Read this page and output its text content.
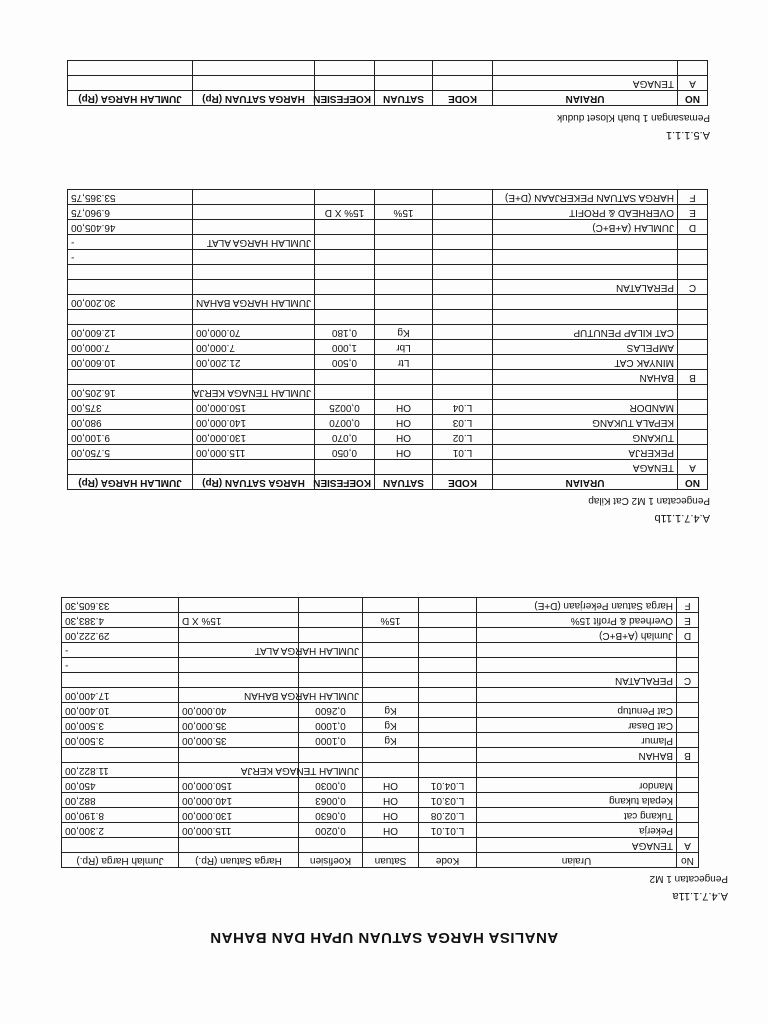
ANALISA HARGA SATUAN UPAH DAN BAHAN
A.4.7.1.11a
Pengecatan 1 M2
No	Uraian	Kode	Satuan	Koefisien	Harga Satuan (Rp.)	Jumlah Harga (Rp.)
A	TENAGA					
	Pekerja	L.01.01	OH	0,0200	115.000,00	2.300,00
	Tukang cat	L.02.08	OH	0,0630	130.000,00	8.190,00
	Kepala tukang	L.03.01	OH	0,0063	140.000,00	882,00
	Mandor	L.04.01	OH	0,0030	150.000,00	450,00
				JUMLAH TENAGA KERJA		11.822,00
B	BAHAN					
	Plamur		Kg	0,1000	35.000,00	3.500,00
	Cat Dasar		Kg	0,1000	35.000,00	3.500,00
	Cat Penutup		Kg	0,2600	40.000,00	10.400,00
				JUMLAH HARGA BAHAN		17.400,00
C	PERALATAN					
						-
				JUMLAH HARGA ALAT		-
D	Jumlah (A+B+C)					29.222,00
E	Overhead & Profit 15%		15%		15% X D	4.383,30
F	Harga Satuan Pekerjaan (D+E)					33.605,30
A.4.7.1.11b
Pengecatan 1 M2 Cat Kilap
NO	URAIAN	KODE	SATUAN	KOEFESIEN	HARGA SATUAN (Rp)	JUMLAH HARGA (Rp)
A	TENAGA					
	PEKERJA	L.01	OH	0,050	115.000,00	5.750,00
	TUKANG	L.02	OH	0,070	130.000,00	9.100,00
	KEPALA TUKANG	L.03	OH	0,0070	140.000,00	980,00
	MANDOR	L.04	OH	0,0025	150.000,00	375,00
					JUMLAH TENAGA KERJA	16.205,00
B	BAHAN					
	MINYAK CAT		Ltr	0,500	21.200,00	10.600,00
	AMPELAS		Lbr	1,000	7.000,00	7.000,00
	CAT KILAP PENUTUP		Kg	0,180	70.000,00	12.600,00

					JUMLAH HARGA BAHAN	30.200,00
C	PERALATAN					

						-
					JUMLAH HARGA ALAT	-
D	JUMLAH (A+B+C)					46.405,00
E	OVERHEAD & PROFIT		15%	15% X D		6.960,75
F	HARGA SATUAN PEKERJAAN (D+E)					53.365,75
A.5.1.1.1
Pemasangan 1 buah Kloset duduk
NO	URAIAN	KODE	SATUAN	KOEFESIEN	HARGA SATUAN (Rp)	JUMLAH HARGA (Rp)
A	TENAGA					
